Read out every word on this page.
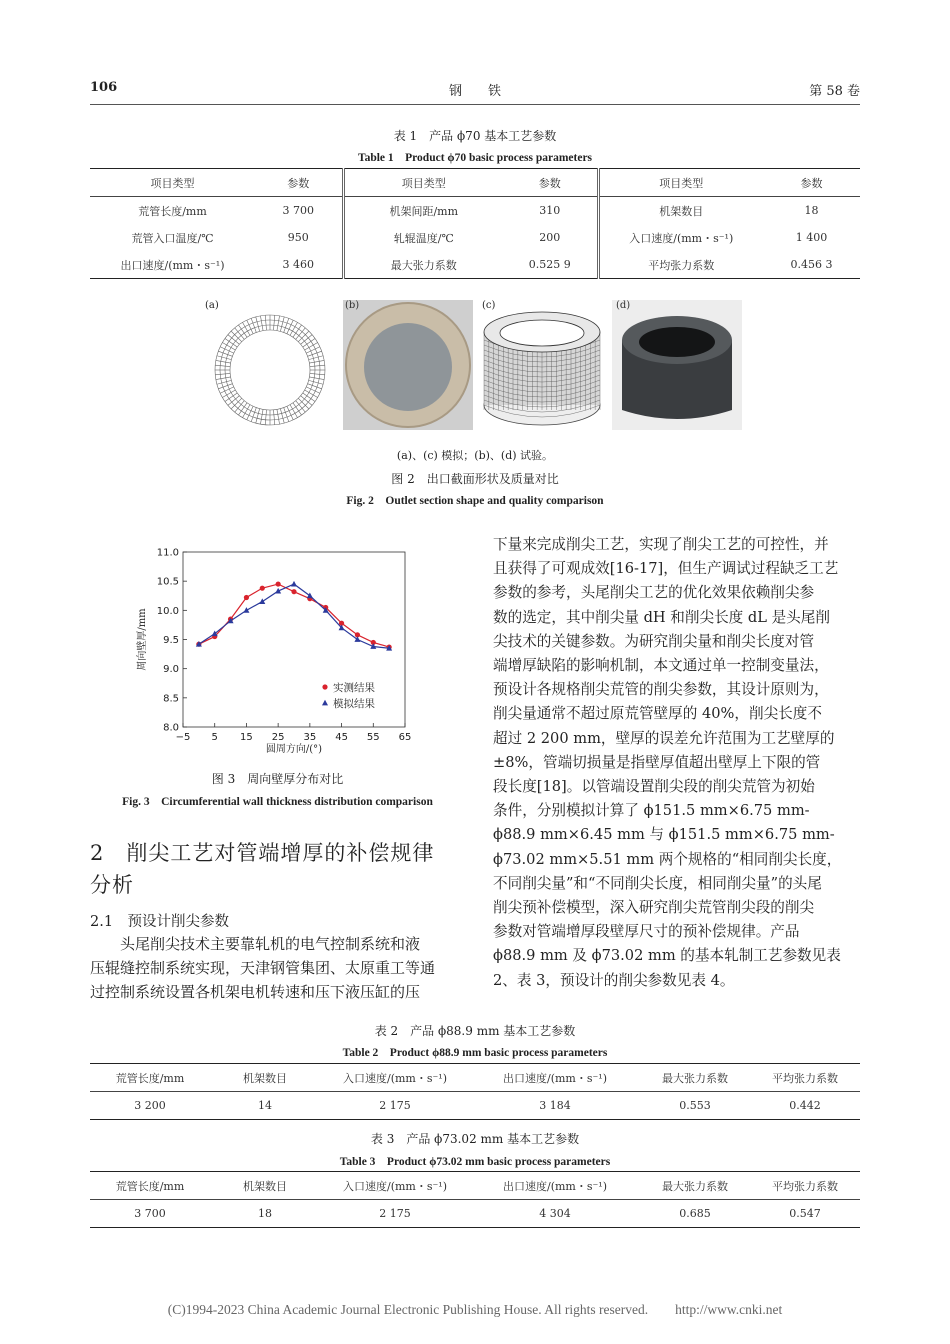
106	钢　　铁	第 58 卷
表 1　产品 ϕ70 基本工艺参数
Table 1　Product ϕ70 basic process parameters
项目类型	参数	项目类型	参数	项目类型	参数
荒管长度/mm	3 700	机架间距/mm	310	机架数目	18
荒管入口温度/℃	950	轧辊温度/℃	200	入口速度/(mm・s⁻¹)	1 400
出口速度/(mm・s⁻¹)	3 460	最大张力系数	0.525 9	平均张力系数	0.456 3
(a)	(b)	(c)	(d)
(a)、(c) 模拟；(b)、(d) 试验。
图 2　出口截面形状及质量对比
Fig. 2　Outlet section shape and quality comparison
8.0
8.5
9.0
9.5
10.0
10.5
11.0
−5 5 15 25 35 45 55 65
圆周方向/(°)
周向壁厚/mm
实测结果
模拟结果
图 3　周向壁厚分布对比
Fig. 3　Circumferential wall thickness distribution comparison
2　削尖工艺对管端增厚的补偿规律
分析
2.1　预设计削尖参数
　　头尾削尖技术主要靠轧机的电气控制系统和液
压辊缝控制系统实现，天津钢管集团、太原重工等通
过控制系统设置各机架电机转速和压下液压缸的压
下量来完成削尖工艺，实现了削尖工艺的可控性，并
且获得了可观成效[16-17]，但生产调试过程缺乏工艺
参数的参考，头尾削尖工艺的优化效果依赖削尖参
数的选定，其中削尖量 dH 和削尖长度 dL 是头尾削
尖技术的关键参数。为研究削尖量和削尖长度对管
端增厚缺陷的影响机制，本文通过单一控制变量法，
预设计各规格削尖荒管的削尖参数，其设计原则为，
削尖量通常不超过原荒管壁厚的 40%，削尖长度不
超过 2 200 mm，壁厚的误差允许范围为工艺壁厚的
±8%，管端切损量是指壁厚值超出壁厚上下限的管
段长度[18]。以管端设置削尖段的削尖荒管为初始
条件，分别模拟计算了 ϕ151.5 mm×6.75 mm-
ϕ88.9 mm×6.45 mm 与 ϕ151.5 mm×6.75 mm-
ϕ73.02 mm×5.51 mm 两个规格的“相同削尖长度，
不同削尖量”和“不同削尖长度，相同削尖量”的头尾
削尖预补偿模型，深入研究削尖荒管削尖段的削尖
参数对管端增厚段壁厚尺寸的预补偿规律。产品
ϕ88.9 mm 及 ϕ73.02 mm 的基本轧制工艺参数见表
2、表 3，预设计的削尖参数见表 4。
表 2　产品 ϕ88.9 mm 基本工艺参数
Table 2　Product ϕ88.9 mm basic process parameters
荒管长度/mm	机架数目	入口速度/(mm・s⁻¹)	出口速度/(mm・s⁻¹)	最大张力系数	平均张力系数
3 200	14	2 175	3 184	0.553	0.442
表 3　产品 ϕ73.02 mm 基本工艺参数
Table 3　Product ϕ73.02 mm basic process parameters
荒管长度/mm	机架数目	入口速度/(mm・s⁻¹)	出口速度/(mm・s⁻¹)	最大张力系数	平均张力系数
3 700	18	2 175	4 304	0.685	0.547
(C)1994-2023 China Academic Journal Electronic Publishing House. All rights reserved.　　http://www.cnki.net
